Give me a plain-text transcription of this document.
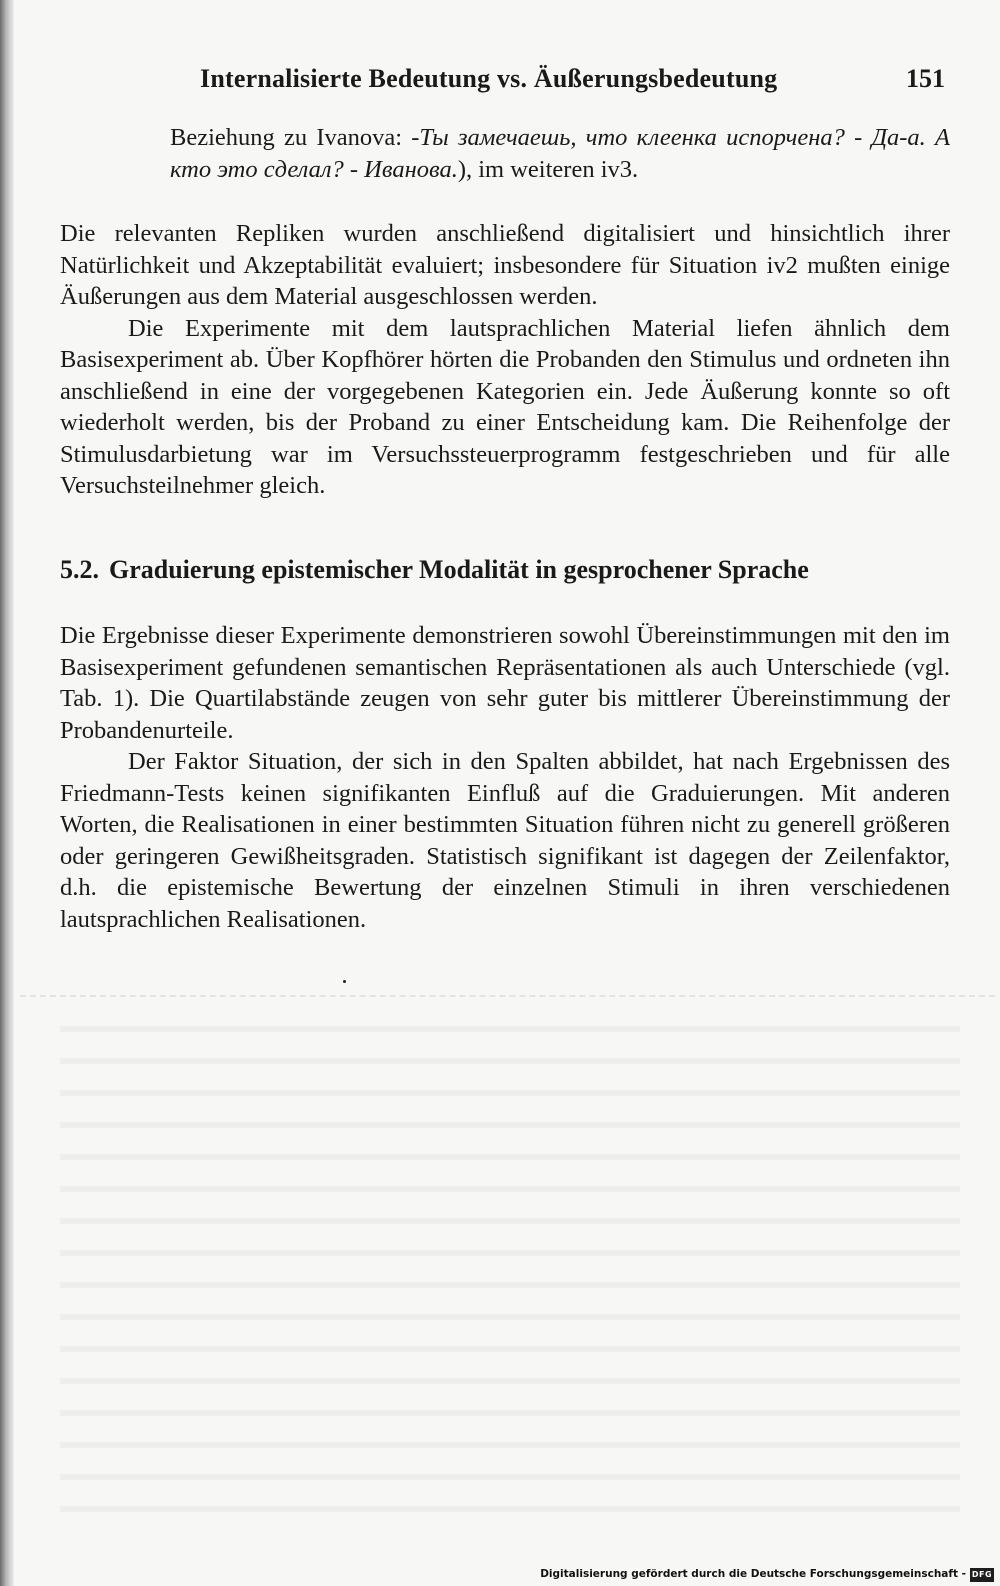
Internalisierte Bedeutung vs. Äußerungsbedeutung	151

Beziehung zu Ivanova: -Ты замечаешь, что клеенка испорчена? - Да-а. А кто это сделал? - Иванова.), im weiteren iv3.

Die relevanten Repliken wurden anschließend digitalisiert und hinsichtlich ihrer Natürlichkeit und Akzeptabilität evaluiert; insbesondere für Situation iv2 mußten einige Äußerungen aus dem Material ausgeschlossen werden.

Die Experimente mit dem lautsprachlichen Material liefen ähnlich dem Basisexperiment ab. Über Kopfhörer hörten die Probanden den Stimulus und ordneten ihn anschließend in eine der vorgegebenen Kategorien ein. Jede Äußerung konnte so oft wiederholt werden, bis der Proband zu einer Entscheidung kam. Die Reihenfolge der Stimulusdarbietung war im Versuchssteuerprogramm festgeschrieben und für alle Versuchsteilnehmer gleich.

5.2. Graduierung epistemischer Modalität in gesprochener Sprache

Die Ergebnisse dieser Experimente demonstrieren sowohl Übereinstimmungen mit den im Basisexperiment gefundenen semantischen Repräsentationen als auch Unterschiede (vgl. Tab. 1). Die Quartilabstände zeugen von sehr guter bis mittlerer Übereinstimmung der Probandenurteile.

Der Faktor Situation, der sich in den Spalten abbildet, hat nach Ergebnissen des Friedmann-Tests keinen signifikanten Einfluß auf die Graduierungen. Mit anderen Worten, die Realisationen in einer bestimmten Situation führen nicht zu generell größeren oder geringeren Gewißheitsgraden. Statistisch signifikant ist dagegen der Zeilenfaktor, d.h. die epistemische Bewertung der einzelnen Stimuli in ihren verschiedenen lautsprachlichen Realisationen.

Digitalisierung gefördert durch die Deutsche Forschungsgemeinschaft - DFG
